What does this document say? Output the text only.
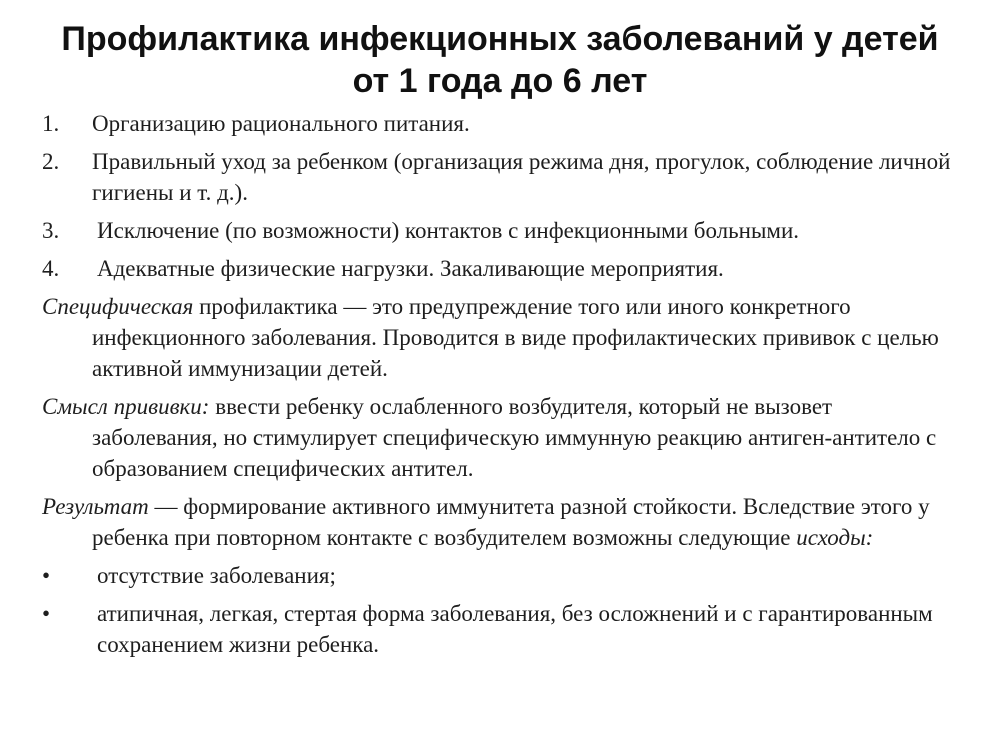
Профилактика инфекционных заболеваний у детей
от 1 года до 6 лет
1. Организацию рационального питания.
2. Правильный уход за ребенком (организация режима дня, прогулок, соблюдение личной гигиены и т. д.).
3. Исключение (по возможности) контактов с инфекционными больными.
4. Адекватные физические нагрузки. Закаливающие мероприятия.
Специфическая профилактика — это предупреждение того или иного конкретного инфекционного заболевания. Проводится в виде профилактических прививок с целью активной иммунизации детей.
Смысл прививки: ввести ребенку ослабленного возбудителя, который не вызовет заболевания, но стимулирует специфическую иммунную реакцию антиген-антитело с образованием специфических антител.
Результат — формирование активного иммунитета разной стойкости. Вследствие этого у ребенка при повторном контакте с возбудителем возможны следующие исходы:
• отсутствие заболевания;
• атипичная, легкая, стертая форма заболевания, без осложнений и с гарантированным сохранением жизни ребенка.
